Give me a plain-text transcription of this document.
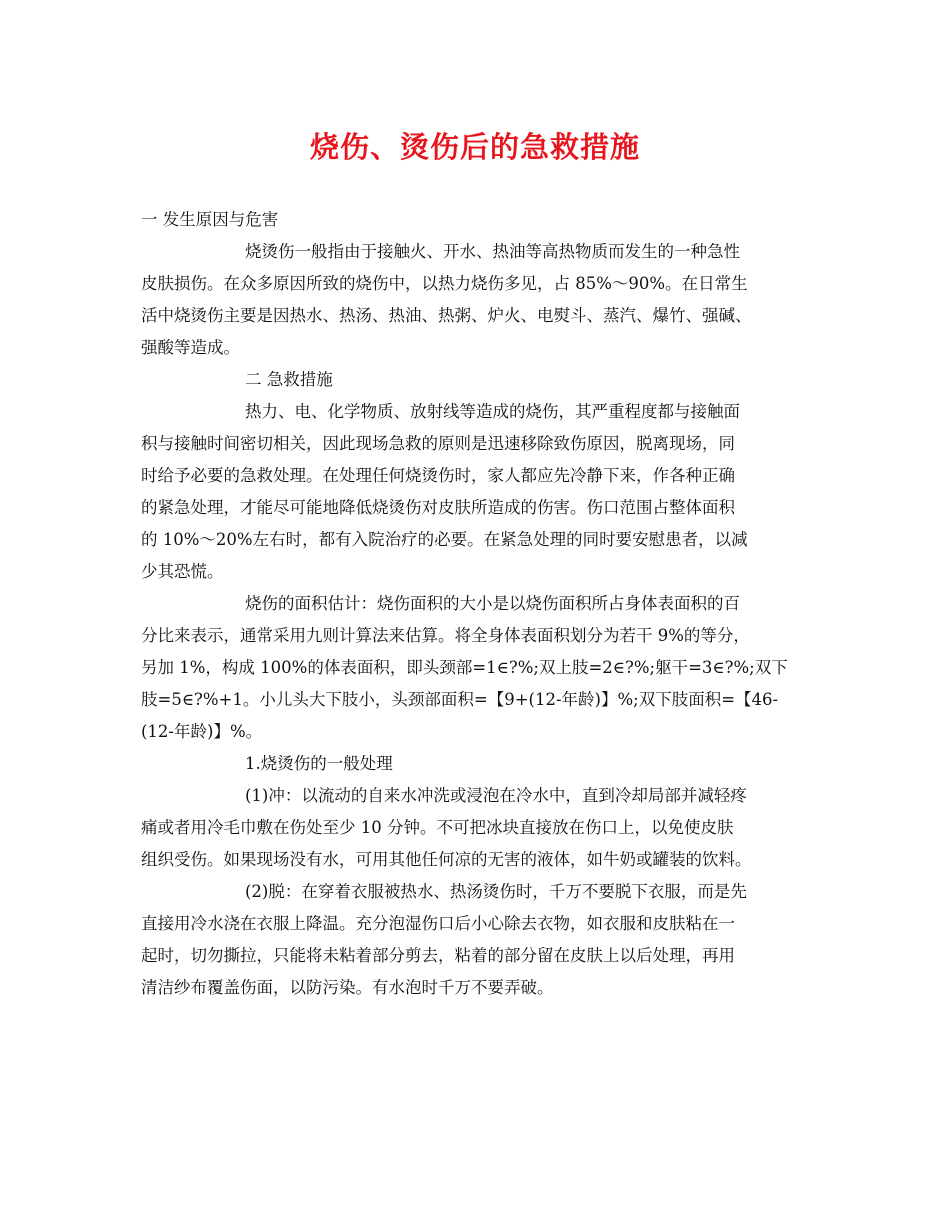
烧伤、烫伤后的急救措施
一 发生原因与危害
烧烫伤一般指由于接触火、开水、热油等高热物质而发生的一种急性
皮肤损伤。在众多原因所致的烧伤中，以热力烧伤多见，占 85%～90%。在日常生
活中烧烫伤主要是因热水、热汤、热油、热粥、炉火、电熨斗、蒸汽、爆竹、强碱、
强酸等造成。
二 急救措施
热力、电、化学物质、放射线等造成的烧伤，其严重程度都与接触面
积与接触时间密切相关，因此现场急救的原则是迅速移除致伤原因，脱离现场，同
时给予必要的急救处理。在处理任何烧烫伤时，家人都应先冷静下来，作各种正确
的紧急处理，才能尽可能地降低烧烫伤对皮肤所造成的伤害。伤口范围占整体面积
的 10%～20%左右时，都有入院治疗的必要。在紧急处理的同时要安慰患者，以减
少其恐慌。
烧伤的面积估计：烧伤面积的大小是以烧伤面积所占身体表面积的百
分比来表示，通常采用九则计算法来估算。将全身体表面积划分为若干 9%的等分，
另加 1%，构成 100%的体表面积，即头颈部=1∈?%;双上肢=2∈?%;躯干=3∈?%;双下
肢=5∈?%+1。小儿头大下肢小，头颈部面积=【9+(12-年龄)】%;双下肢面积=【46-
(12-年龄)】%。
1.烧烫伤的一般处理
(1)冲：以流动的自来水冲洗或浸泡在冷水中，直到冷却局部并减轻疼
痛或者用冷毛巾敷在伤处至少 10 分钟。不可把冰块直接放在伤口上，以免使皮肤
组织受伤。如果现场没有水，可用其他任何凉的无害的液体，如牛奶或罐装的饮料。
(2)脱：在穿着衣服被热水、热汤烫伤时，千万不要脱下衣服，而是先
直接用冷水浇在衣服上降温。充分泡湿伤口后小心除去衣物，如衣服和皮肤粘在一
起时，切勿撕拉，只能将未粘着部分剪去，粘着的部分留在皮肤上以后处理，再用
清洁纱布覆盖伤面，以防污染。有水泡时千万不要弄破。
